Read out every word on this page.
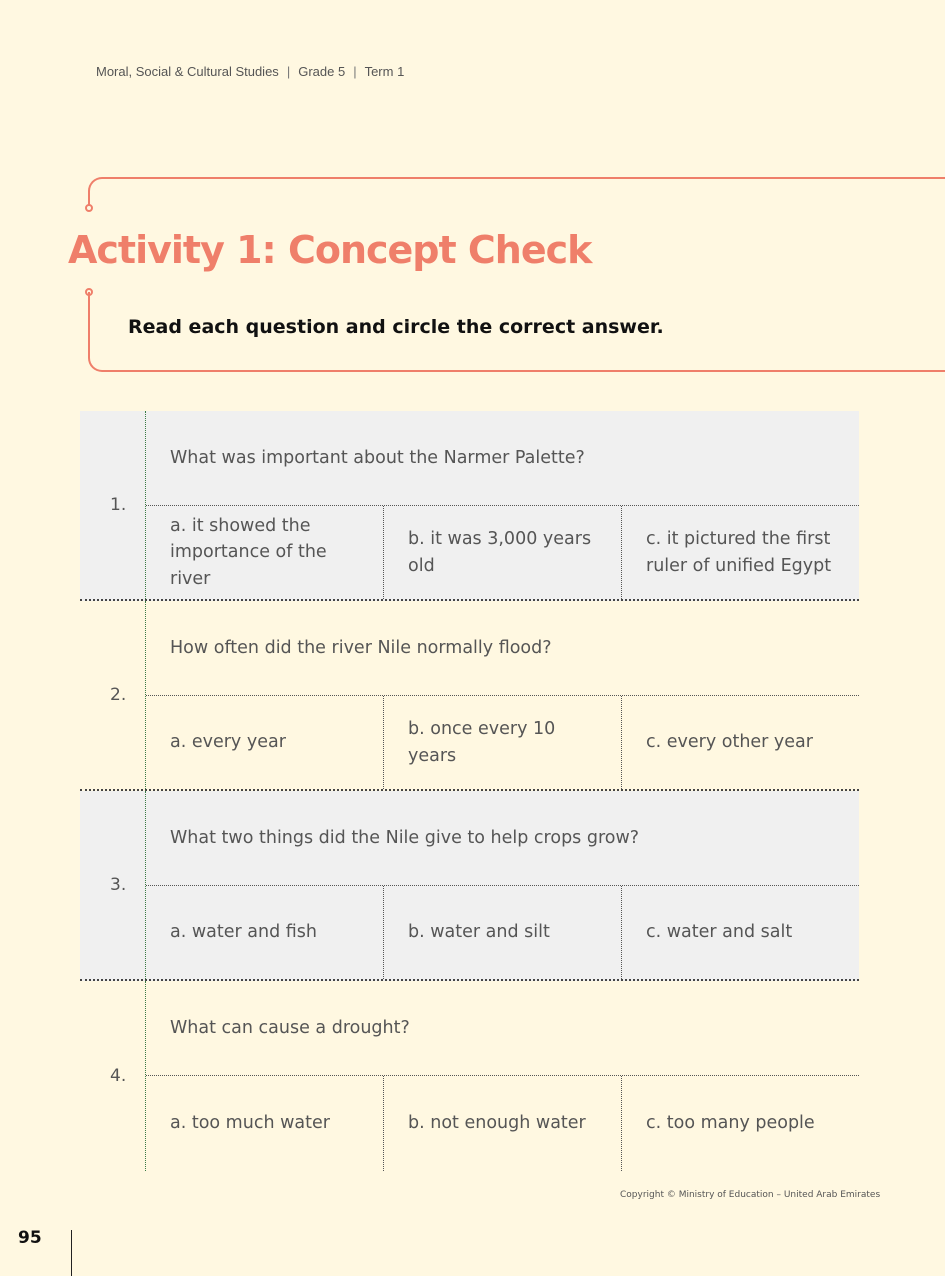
Moral, Social & Cultural Studies | Grade 5 | Term 1
Activity 1: Concept Check
Read each question and circle the correct answer.
1.
What was important about the Narmer Palette?
a. it showed the importance of the river
b. it was 3,000 years old
c. it pictured the first ruler of unified Egypt
2.
How often did the river Nile normally flood?
a. every year
b. once every 10 years
c. every other year
3.
What two things did the Nile give to help crops grow?
a. water and fish	b. water and silt	c. water and salt
4.
What can cause a drought?
a. too much water	b. not enough water	c. too many people
Copyright © Ministry of Education – United Arab Emirates
95
